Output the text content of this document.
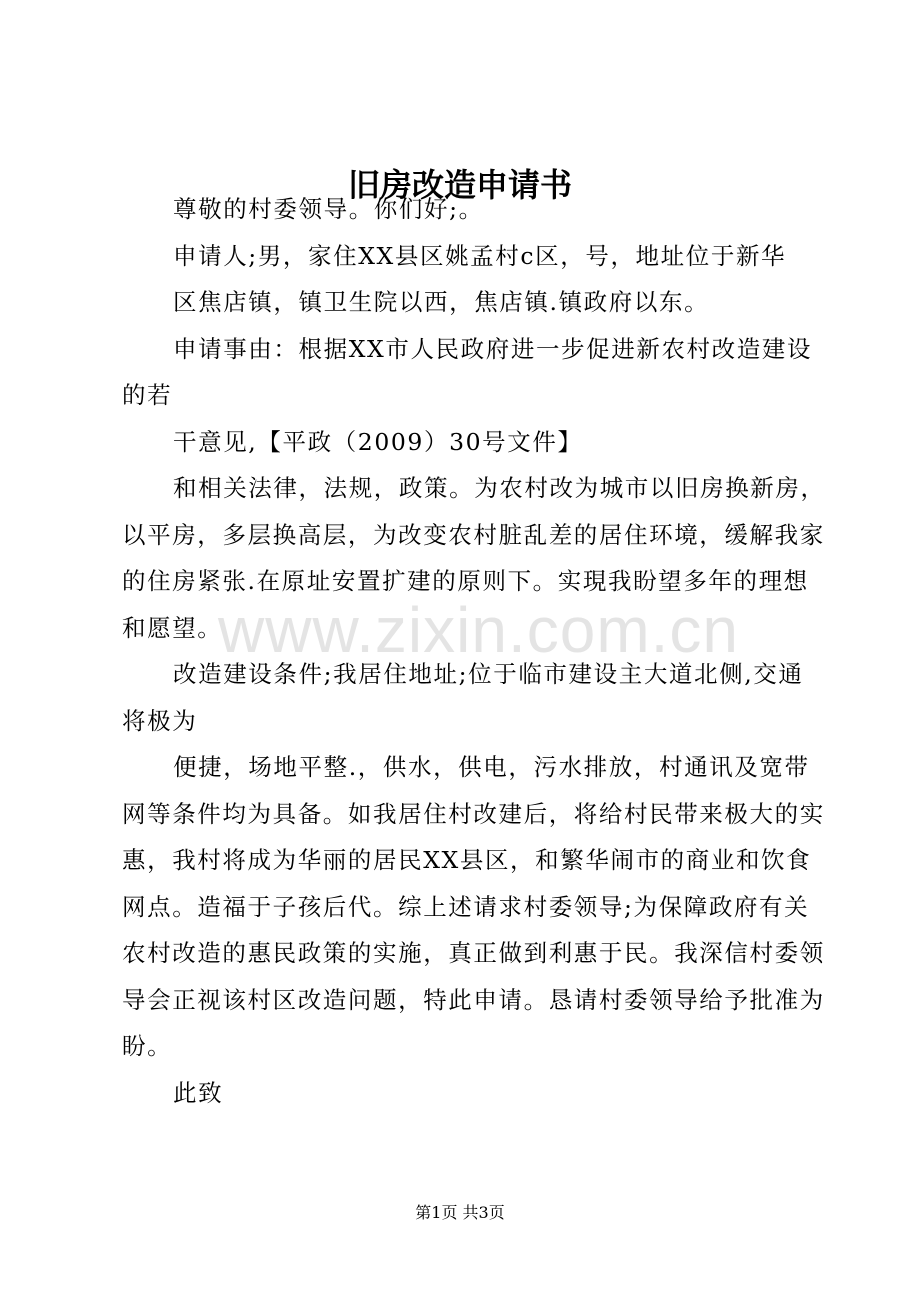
www.zixin.com.cn
旧房改造申请书
尊敬的村委领导。你们好;。
申请人;男，家住XX县区姚孟村c区，号，地址位于新华
区焦店镇，镇卫生院以西，焦店镇.镇政府以东。
申请事由：根据XX市人民政府进一步促进新农村改造建设
的若
干意见,【平政（2009）30号文件】
和相关法律，法规，政策。为农村改为城市以旧房换新房，
以平房，多层换高层，为改变农村脏乱差的居住环境，缓解我家
的住房紧张.在原址安置扩建的原则下。实現我盼望多年的理想
和愿望。
改造建设条件;我居住地址;位于临市建设主大道北侧,交通
将极为
便捷，场地平整.，供水，供电，污水排放，村通讯及宽带
网等条件均为具备。如我居住村改建后，将给村民带来极大的实
惠，我村将成为华丽的居民XX县区，和繁华闹市的商业和饮食
网点。造福于子孩后代。综上述请求村委领导;为保障政府有关
农村改造的惠民政策的实施，真正做到利惠于民。我深信村委领
导会正视该村区改造问题，特此申请。恳请村委领导给予批准为
盼。
此致
第1页 共3页
